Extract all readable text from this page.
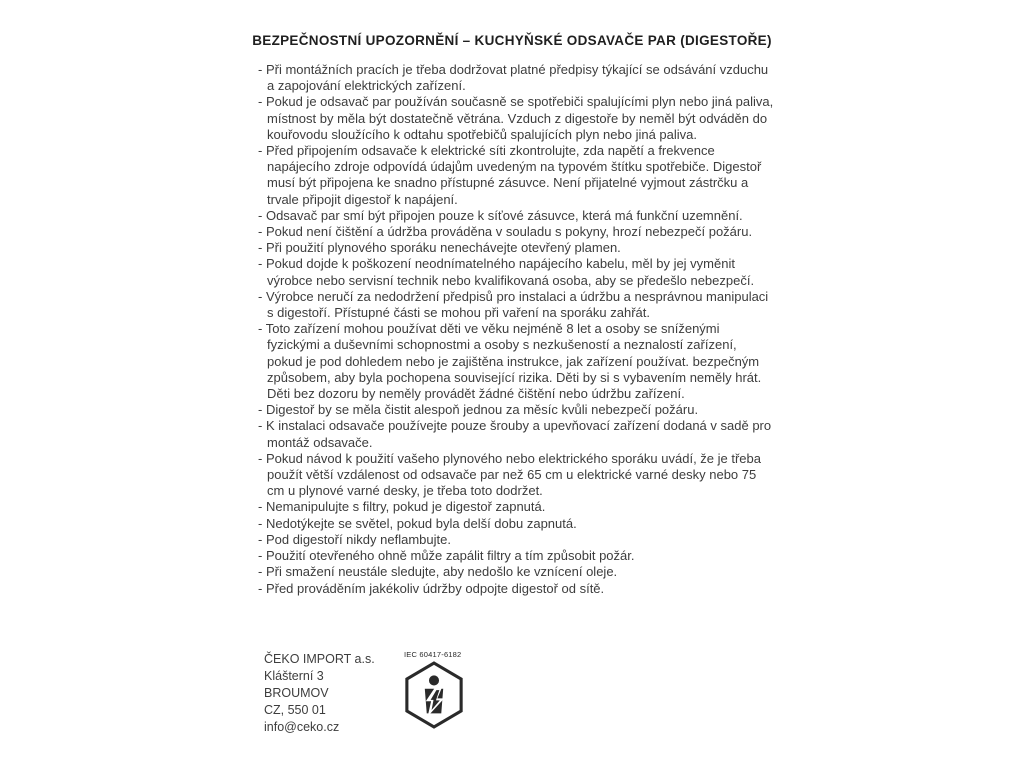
BEZPEČNOSTNÍ UPOZORNĚNÍ – KUCHYŇSKÉ ODSAVAČE PAR (DIGESTOŘE)
- Při montážních pracích je třeba dodržovat platné předpisy týkající se odsávání vzduchu a zapojování elektrických zařízení.
- Pokud je odsavač par používán současně se spotřebiči spalujícími plyn nebo jiná paliva, místnost by měla být dostatečně větrána. Vzduch z digestoře by neměl být odváděn do kouřovodu sloužícího k odtahu spotřebičů spalujících plyn nebo jiná paliva.
- Před připojením odsavače k elektrické síti zkontrolujte, zda napětí a frekvence napájecího zdroje odpovídá údajům uvedeným na typovém štítku spotřebiče. Digestoř musí být připojena ke snadno přístupné zásuvce. Není přijatelné vyjmout zástrčku a trvale připojit digestoř k napájení.
- Odsavač par smí být připojen pouze k síťové zásuvce, která má funkční uzemnění.
- Pokud není čištění a údržba prováděna v souladu s pokyny, hrozí nebezpečí požáru.
- Při použití plynového sporáku nenechávejte otevřený plamen.
- Pokud dojde k poškození neodnímatelného napájecího kabelu, měl by jej vyměnit výrobce nebo servisní technik nebo kvalifikovaná osoba, aby se předešlo nebezpečí.
- Výrobce neručí za nedodržení předpisů pro instalaci a údržbu a nesprávnou manipulaci s digestoří. Přístupné části se mohou při vaření na sporáku zahřát.
- Toto zařízení mohou používat děti ve věku nejméně 8 let a osoby se sníženými fyzickými a duševními schopnostmi a osoby s nezkušeností a neznalostí zařízení, pokud je pod dohledem nebo je zajištěna instrukce, jak zařízení používat. bezpečným způsobem, aby byla pochopena související rizika. Děti by si s vybavením neměly hrát. Děti bez dozoru by neměly provádět žádné čištění nebo údržbu zařízení.
- Digestoř by se měla čistit alespoň jednou za měsíc kvůli nebezpečí požáru.
- K instalaci odsavače používejte pouze šrouby a upevňovací zařízení dodaná v sadě pro montáž odsavače.
- Pokud návod k použití vašeho plynového nebo elektrického sporáku uvádí, že je třeba použít větší vzdálenost od odsavače par než 65 cm u elektrické varné desky nebo 75 cm u plynové varné desky, je třeba toto dodržet.
- Nemanipulujte s filtry, pokud je digestoř zapnutá.
- Nedotýkejte se světel, pokud byla delší dobu zapnutá.
- Pod digestoří nikdy neflambujte.
- Použití otevřeného ohně může zapálit filtry a tím způsobit požár.
- Při smažení neustále sledujte, aby nedošlo ke vznícení oleje.
- Před prováděním jakékoliv údržby odpojte digestoř od sítě.
ČEKO IMPORT a.s.
Klášterní 3
BROUMOV
CZ, 550 01
info@ceko.cz
IEC 60417-6182
